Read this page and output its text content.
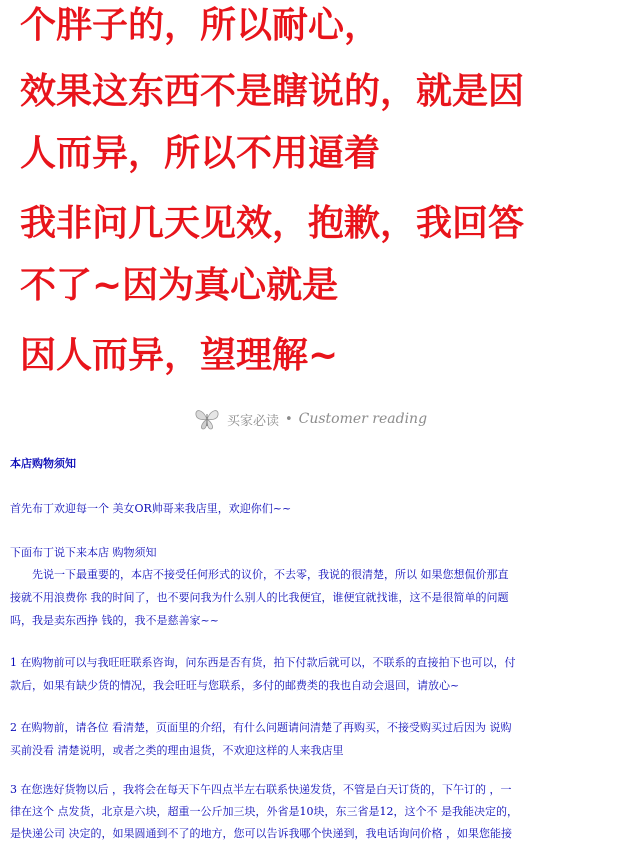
个胖子的，所以耐心，

效果这东西不是瞎说的，就是因

人而异，所以不用逼着

我非问几天见效，抱歉，我回答

不了~因为真心就是

因人而异，望理解~

买家必读 • Customer reading

本店购物须知

首先布丁欢迎每一个 美女OR帅哥来我店里，欢迎你们~~

下面布丁说下来本店 购物须知

　　先说一下最重要的，本店不接受任何形式的议价，不去零，我说的很清楚，所以 如果您想侃价那直

接就不用浪费你 我的时间了，也不要问我为什么别人的比我便宜，谁便宜就找谁，这不是很简单的问题

吗，我是卖东西挣 钱的，我不是慈善家~~

1 在购物前可以与我旺旺联系咨询，问东西是否有货，拍下付款后就可以，不联系的直接拍下也可以，付

款后，如果有缺少货的情况，我会旺旺与您联系，多付的邮费类的我也自动会退回，请放心~

2 在购物前，请各位 看清楚，页面里的介绍，有什么问题请问清楚了再购买，不接受购买过后因为 说购

买前没看 清楚说明，或者之类的理由退货，不欢迎这样的人来我店里

3 在您选好货物以后 ，我将会在每天下午四点半左右联系快递发货，不管是白天订货的，下午订的 ，一

律在这个 点发货，北京是六块，超重一公斤加三块，外省是10块，东三省是12，这个不 是我能决定的，

是快递公司 决定的，如果圆通到不了的地方，您可以告诉我哪个快递到，我电话询问价格 ，如果您能接
